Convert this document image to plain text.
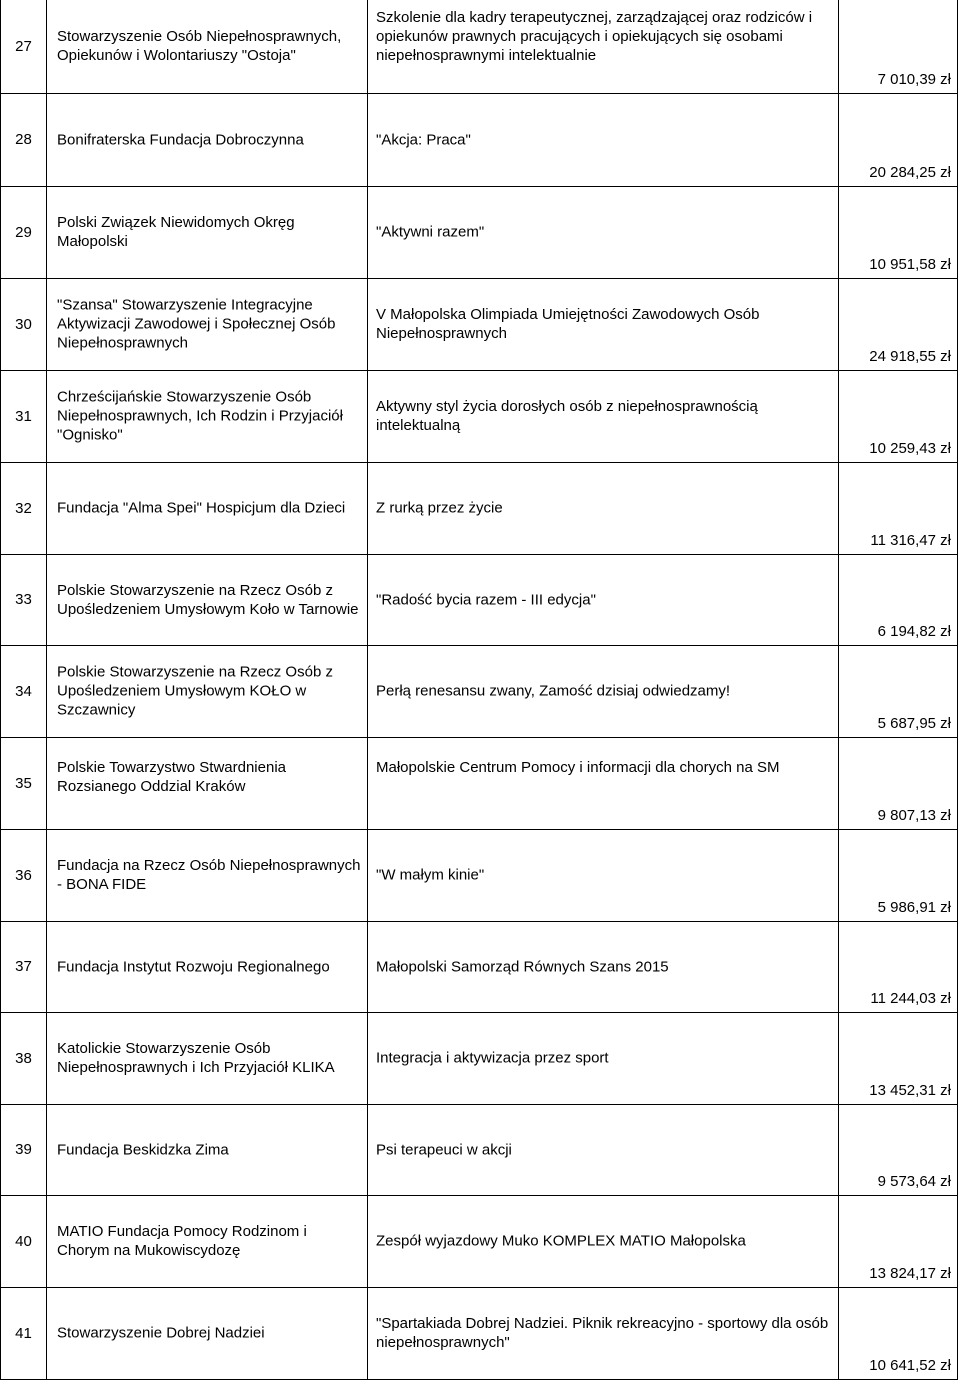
27	Stowarzyszenie Osób Niepełnosprawnych, Opiekunów i Wolontariuszy "Ostoja"	Szkolenie dla kadry terapeutycznej, zarządzającej oraz rodziców i opiekunów prawnych pracujących i opiekujących się osobami niepełnosprawnymi intelektualnie	7 010,39 zł

28	Bonifraterska Fundacja Dobroczynna	"Akcja: Praca"	20 284,25 zł

29	Polski Związek Niewidomych Okręg Małopolski	"Aktywni razem"	10 951,58 zł

30	"Szansa" Stowarzyszenie Integracyjne Aktywizacji Zawodowej i Społecznej Osób Niepełnosprawnych	V Małopolska Olimpiada Umiejętności Zawodowych Osób Niepełnosprawnych	24 918,55 zł

31	Chrześcijańskie Stowarzyszenie Osób Niepełnosprawnych, Ich Rodzin i Przyjaciół "Ognisko"	Aktywny styl życia dorosłych osób z niepełnosprawnością intelektualną	10 259,43 zł

32	Fundacja "Alma Spei" Hospicjum dla Dzieci	Z rurką przez życie	11 316,47 zł

33	Polskie Stowarzyszenie na Rzecz Osób z Upośledzeniem Umysłowym Koło w Tarnowie	"Radość bycia razem - III edycja"	6 194,82 zł

34	Polskie Stowarzyszenie na Rzecz Osób z Upośledzeniem Umysłowym KOŁO w Szczawnicy	Perłą renesansu zwany, Zamość dzisiaj odwiedzamy!	5 687,95 zł

35	Polskie Towarzystwo Stwardnienia Rozsianego Oddzial Kraków	Małopolskie Centrum Pomocy i informacji dla chorych na SM	9 807,13 zł

36	Fundacja na Rzecz Osób Niepełnosprawnych - BONA FIDE	"W małym kinie"	5 986,91 zł

37	Fundacja Instytut Rozwoju Regionalnego	Małopolski Samorząd Równych Szans 2015	11 244,03 zł

38	Katolickie Stowarzyszenie Osób Niepełnosprawnych i Ich Przyjaciół KLIKA	Integracja i aktywizacja przez sport	13 452,31 zł

39	Fundacja Beskidzka Zima	Psi terapeuci w akcji	9 573,64 zł

40	MATIO Fundacja Pomocy Rodzinom i Chorym na Mukowiscydozę	Zespół wyjazdowy Muko KOMPLEX MATIO Małopolska	13 824,17 zł

41	Stowarzyszenie Dobrej Nadziei	"Spartakiada Dobrej Nadziei. Piknik rekreacyjno - sportowy dla osób niepełnosprawnych"	10 641,52 zł
